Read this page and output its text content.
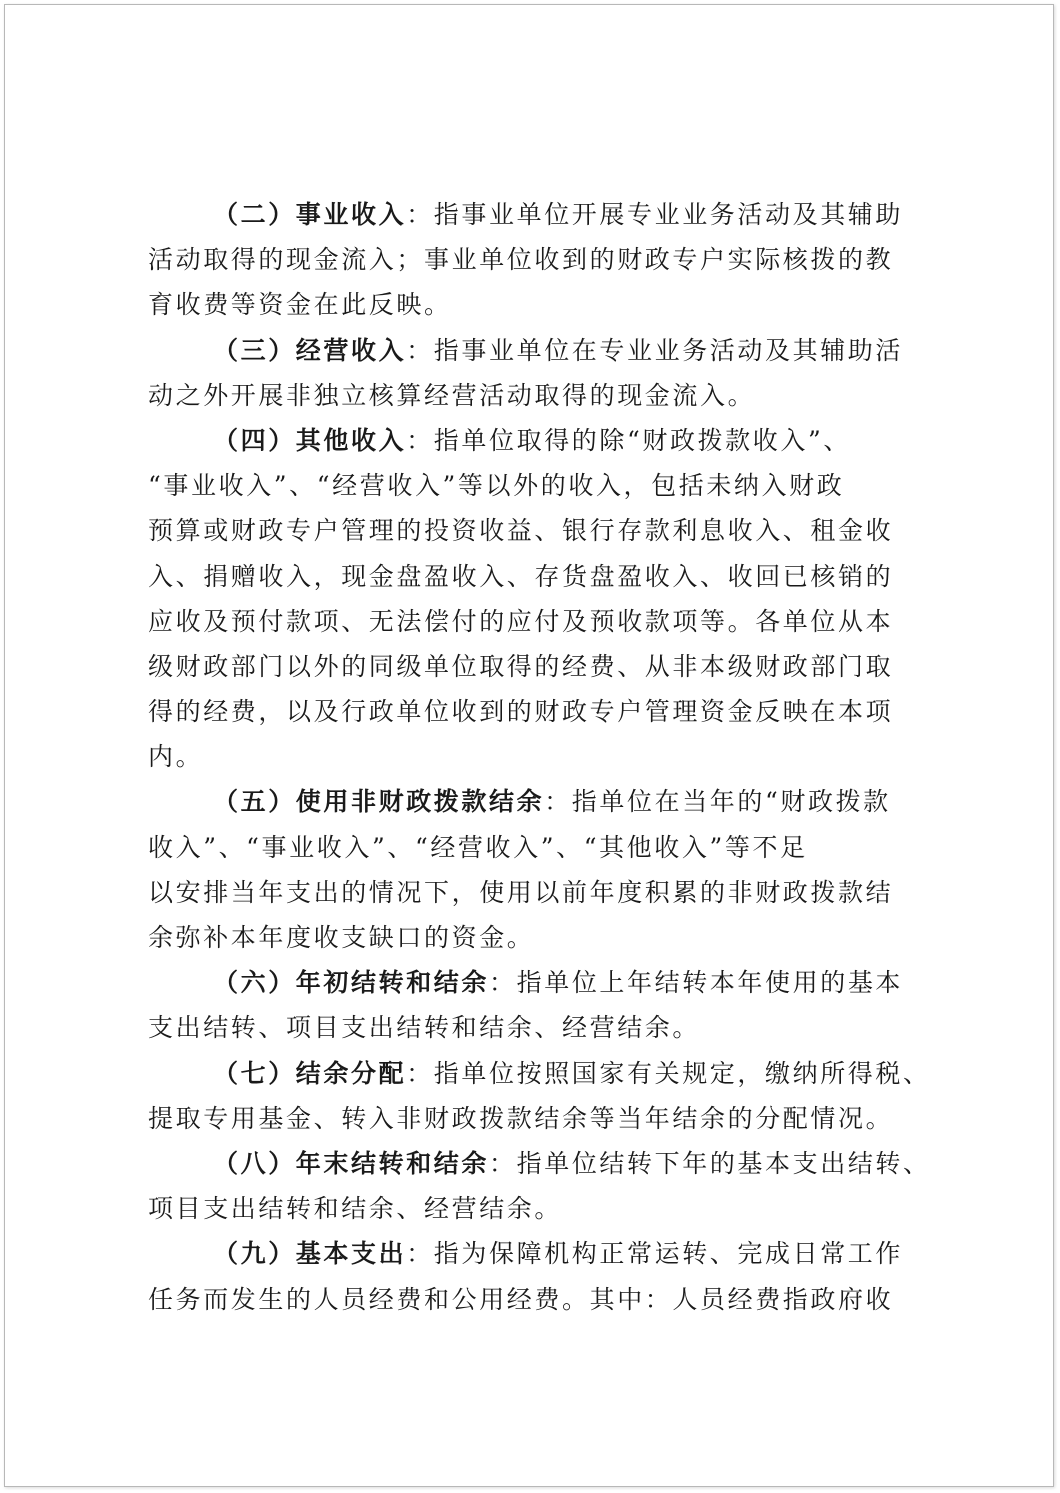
（二）事业收入：指事业单位开展专业业务活动及其辅助
活动取得的现金流入；事业单位收到的财政专户实际核拨的教
育收费等资金在此反映。

（三）经营收入：指事业单位在专业业务活动及其辅助活
动之外开展非独立核算经营活动取得的现金流入。

（四）其他收入：指单位取得的除“财政拨款收入”、
“事业收入”、“经营收入”等以外的收入，包括未纳入财政
预算或财政专户管理的投资收益、银行存款利息收入、租金收
入、捐赠收入，现金盘盈收入、存货盘盈收入、收回已核销的
应收及预付款项、无法偿付的应付及预收款项等。各单位从本
级财政部门以外的同级单位取得的经费、从非本级财政部门取
得的经费，以及行政单位收到的财政专户管理资金反映在本项
内。

（五）使用非财政拨款结余：指单位在当年的“财政拨款
收入”、“事业收入”、“经营收入”、“其他收入”等不足
以安排当年支出的情况下，使用以前年度积累的非财政拨款结
余弥补本年度收支缺口的资金。

（六）年初结转和结余：指单位上年结转本年使用的基本
支出结转、项目支出结转和结余、经营结余。

（七）结余分配：指单位按照国家有关规定，缴纳所得税、
提取专用基金、转入非财政拨款结余等当年结余的分配情况。

（八）年末结转和结余：指单位结转下年的基本支出结转、
项目支出结转和结余、经营结余。

（九）基本支出：指为保障机构正常运转、完成日常工作
任务而发生的人员经费和公用经费。其中：人员经费指政府收
